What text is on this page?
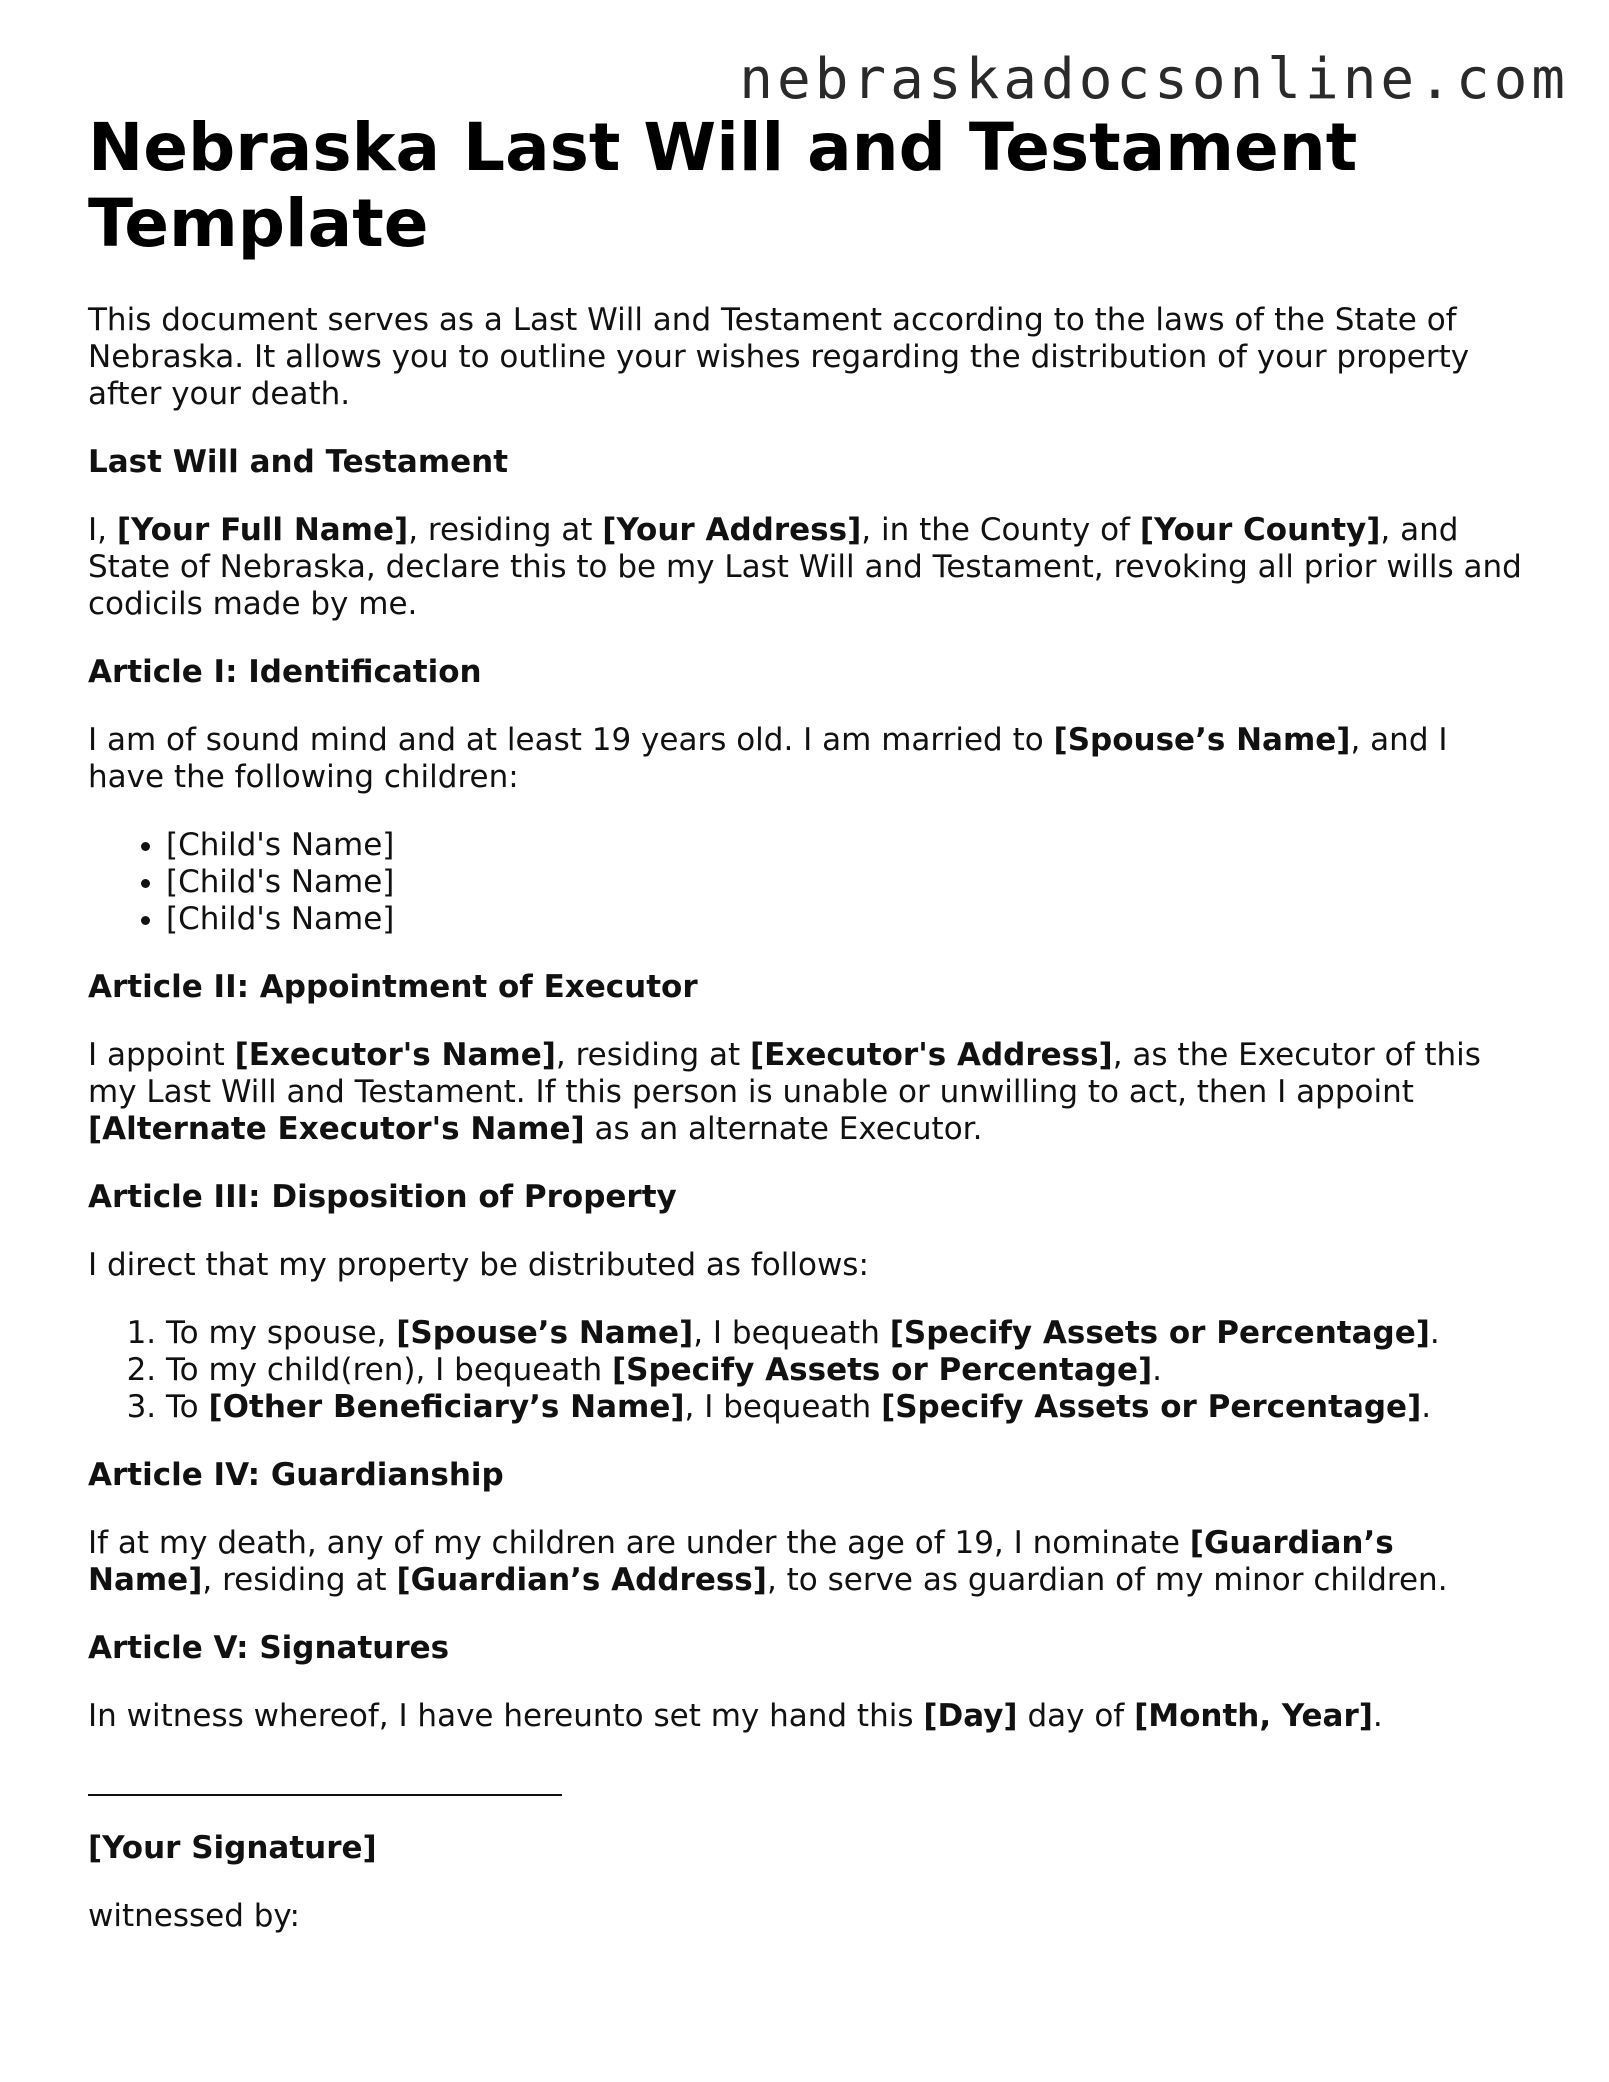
nebraskadocsonline.com
Nebraska Last Will and Testament
Template

This document serves as a Last Will and Testament according to the laws of the State of Nebraska. It allows you to outline your wishes regarding the distribution of your property after your death.

Last Will and Testament

I, [Your Full Name], residing at [Your Address], in the County of [Your County], and State of Nebraska, declare this to be my Last Will and Testament, revoking all prior wills and codicils made by me.

Article I: Identification

I am of sound mind and at least 19 years old. I am married to [Spouse’s Name], and I have the following children:

• [Child's Name]
• [Child's Name]
• [Child's Name]
Article II: Appointment of Executor

I appoint [Executor's Name], residing at [Executor's Address], as the Executor of this my Last Will and Testament. If this person is unable or unwilling to act, then I appoint [Alternate Executor's Name] as an alternate Executor.

Article III: Disposition of Property

I direct that my property be distributed as follows:

1. To my spouse, [Spouse’s Name], I bequeath [Specify Assets or Percentage].
2. To my child(ren), I bequeath [Specify Assets or Percentage].
3. To [Other Beneficiary’s Name], I bequeath [Specify Assets or Percentage].
Article IV: Guardianship

If at my death, any of my children are under the age of 19, I nominate [Guardian’s Name], residing at [Guardian’s Address], to serve as guardian of my minor children.

Article V: Signatures

In witness whereof, I have hereunto set my hand this [Day] day of [Month, Year].

[Your Signature]

witnessed by:
